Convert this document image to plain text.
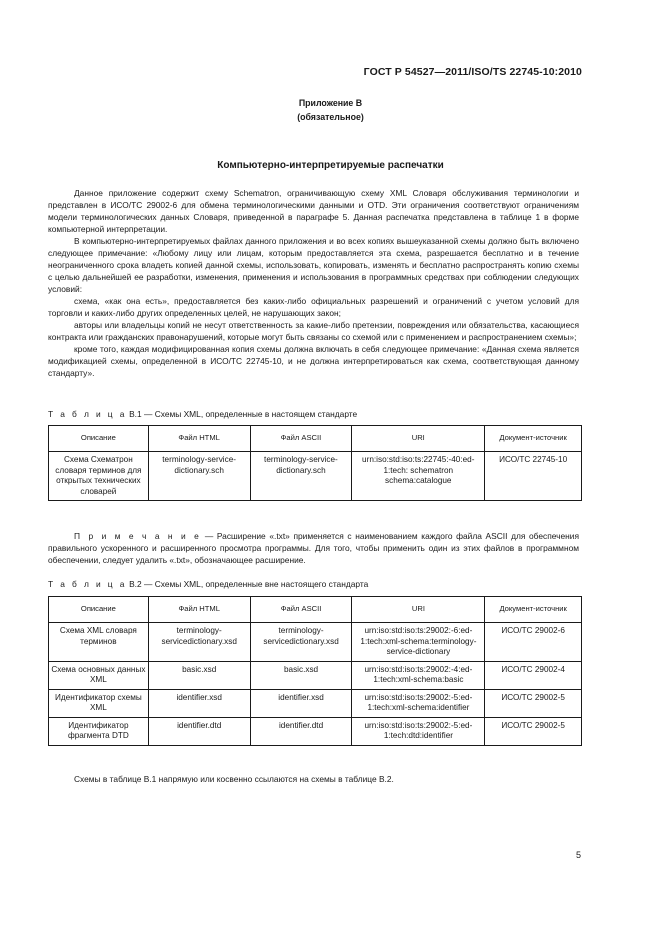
ГОСТ Р 54527—2011/ISO/TS 22745-10:2010
Приложение В
(обязательное)
Компьютерно-интерпретируемые распечатки

Данное приложение содержит схему Schematron, ограничивающую схему XML Словаря обслуживания терминологии и представлен в ИСО/ТС 29002-6 для обмена терминологическими данными и OTD. Эти ограничения соответствуют ограничениям модели терминологических данных Словаря, приведенной в параграфе 5. Данная распечатка представлена в таблице 1 в форме компьютерной интерпретации.

В компьютерно-интерпретируемых файлах данного приложения и во всех копиях вышеуказанной схемы должно быть включено следующее примечание: «Любому лицу или лицам, которым предоставляется эта схема, разрешается бесплатно и в течение неограниченного срока владеть копией данной схемы, использовать, копировать, изменять и бесплатно распространять копию схемы с целью дальнейшей ее разработки, изменения, применения и использования в программных средствах при соблюдении следующих условий:

схема, «как она есть», предоставляется без каких-либо официальных разрешений и ограничений с учетом условий для торговли и каких-либо других определенных целей, не нарушающих закон;

авторы или владельцы копий не несут ответственность за какие-либо претензии, повреждения или обязательства, касающиеся контракта или гражданских правонарушений, которые могут быть связаны со схемой или с применением и распространением схемы»;

кроме того, каждая модифицированная копия схемы должна включать в себя следующее примечание: «Данная схема является модификацией схемы, определенной в ИСО/ТС 22745-10, и не должна интерпретироваться как схема, соответствующая данному стандарту».

Т а б л и ц а В.1 — Схемы XML, определенные в настоящем стандарте
Описание	Файл HTML	Файл ASCII	URI	Документ-источник
Схема Схематрон словаря терминов для открытых технических словарей	terminology-service-dictionary.sch	terminology-service-dictionary.sch	urn:iso:std:iso:ts:22745:-40:ed-1:tech: schematron schema:catalogue	ИСО/ТС 22745-10

П р и м е ч а н и е — Расширение «.txt» применяется с наименованием каждого файла ASCII для обеспечения правильного ускоренного и расширенного просмотра программы. Для того, чтобы применить один из этих файлов в программном обеспечении, следует удалить «.txt», обозначающее расширение.

Т а б л и ц а В.2 — Схемы XML, определенные вне настоящего стандарта
Описание	Файл HTML	Файл ASCII	URI	Документ-источник
Схема XML словаря терминов	terminology-servicedictionary.xsd	terminology-servicedictionary.xsd	urn:iso:std:iso:ts:29002:-6:ed-1:tech:xml-schema:terminology-service-dictionary	ИСО/ТС 29002-6
Схема основных данных XML	basic.xsd	basic.xsd	urn:iso:std:iso:ts:29002:-4:ed-1:tech:xml-schema:basic	ИСО/ТС 29002-4
Идентификатор схемы XML	identifier.xsd	identifier.xsd	urn:iso:std:iso:ts:29002:-5:ed-1:tech:xml-schema:identifier	ИСО/ТС 29002-5
Идентификатор фрагмента DTD	identifier.dtd	identifier.dtd	urn:iso:std:iso:ts:29002:-5:ed-1:tech:dtd:identifier	ИСО/ТС 29002-5
Схемы в таблице В.1 напрямую или косвенно ссылаются на схемы в таблице В.2.
5
